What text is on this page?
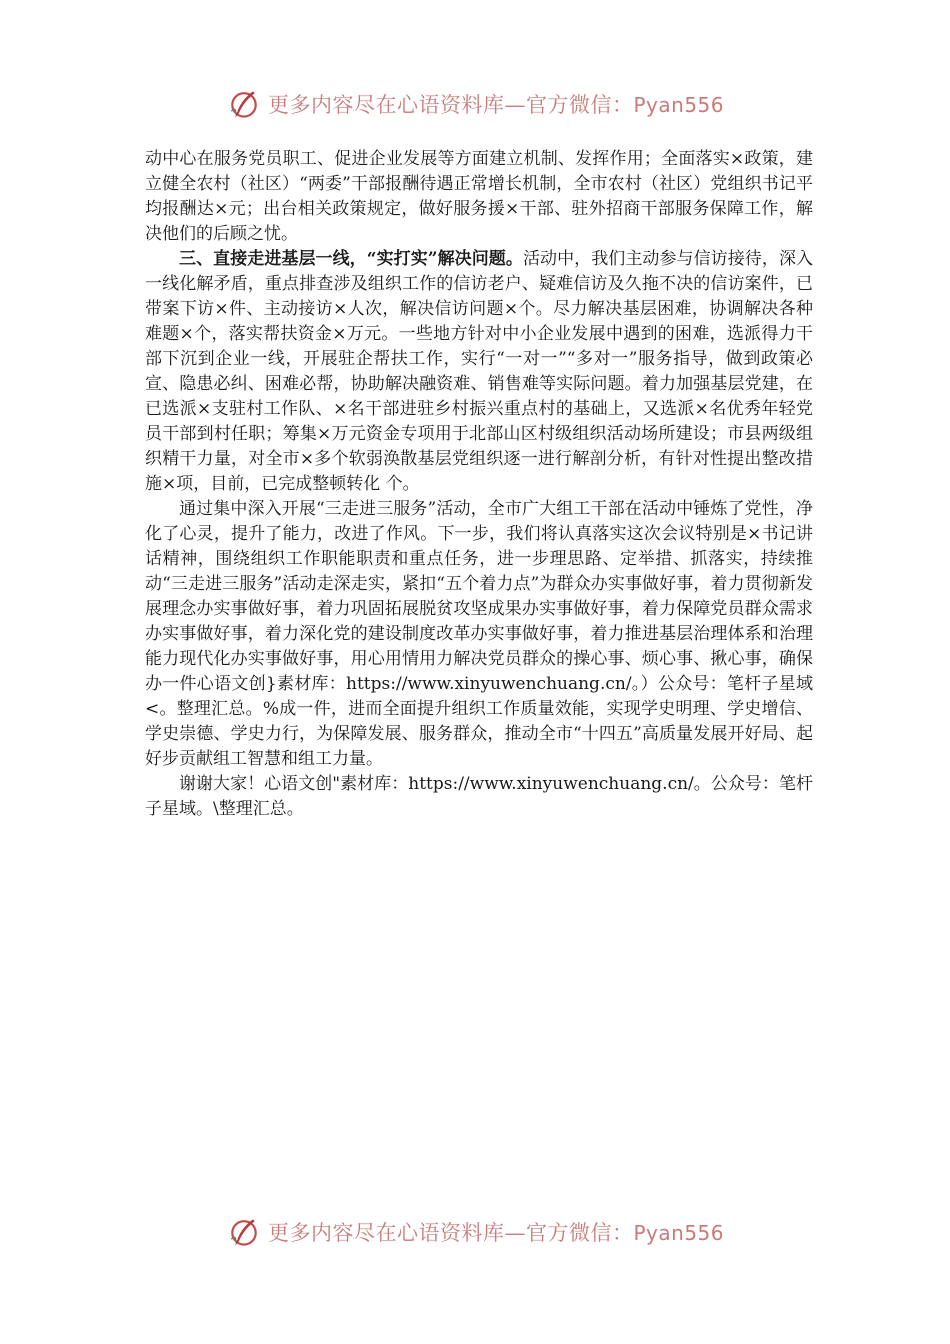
更多内容尽在心语资料库—官方微信：Pyan556

动中心在服务党员职工、促进企业发展等方面建立机制、发挥作用；全面落实×政策，建立健全农村（社区）“两委”干部报酬待遇正常增长机制，全市农村（社区）党组织书记平均报酬达×元；出台相关政策规定，做好服务援×干部、驻外招商干部服务保障工作，解决他们的后顾之忧。

三、直接走进基层一线，“实打实”解决问题。活动中，我们主动参与信访接待，深入一线化解矛盾，重点排查涉及组织工作的信访老户、疑难信访及久拖不决的信访案件，已带案下访×件、主动接访×人次，解决信访问题×个。尽力解决基层困难，协调解决各种难题×个，落实帮扶资金×万元。一些地方针对中小企业发展中遇到的困难，选派得力干部下沉到企业一线，开展驻企帮扶工作，实行“一对一”“多对一”服务指导，做到政策必宣、隐患必纠、困难必帮，协助解决融资难、销售难等实际问题。着力加强基层党建，在已选派×支驻村工作队、×名干部进驻乡村振兴重点村的基础上，又选派×名优秀年轻党员干部到村任职；筹集×万元资金专项用于北部山区村级组织活动场所建设；市县两级组织精干力量，对全市×多个软弱涣散基层党组织逐一进行解剖分析，有针对性提出整改措施×项，目前，已完成整顿转化 个。

通过集中深入开展“三走进三服务”活动，全市广大组工干部在活动中锤炼了党性，净化了心灵，提升了能力，改进了作风。下一步，我们将认真落实这次会议特别是×书记讲话精神，围绕组织工作职能职责和重点任务，进一步理思路、定举措、抓落实，持续推动“三走进三服务”活动走深走实，紧扣“五个着力点”为群众办实事做好事，着力贯彻新发展理念办实事做好事，着力巩固拓展脱贫攻坚成果办实事做好事，着力保障党员群众需求办实事做好事，着力深化党的建设制度改革办实事做好事，着力推进基层治理体系和治理能力现代化办实事做好事，用心用情用力解决党员群众的操心事、烦心事、揪心事，确保办一件心语文创}素材库：https://www.xinyuwenchuang.cn/。）公众号：笔杆子星域<。整理汇总。%成一件，进而全面提升组织工作质量效能，实现学史明理、学史增信、学史崇德、学史力行，为保障发展、服务群众，推动全市“十四五”高质量发展开好局、起好步贡献组工智慧和组工力量。

谢谢大家！心语文创"素材库：https://www.xinyuwenchuang.cn/。公众号：笔杆子星域。\整理汇总。

更多内容尽在心语资料库—官方微信：Pyan556
